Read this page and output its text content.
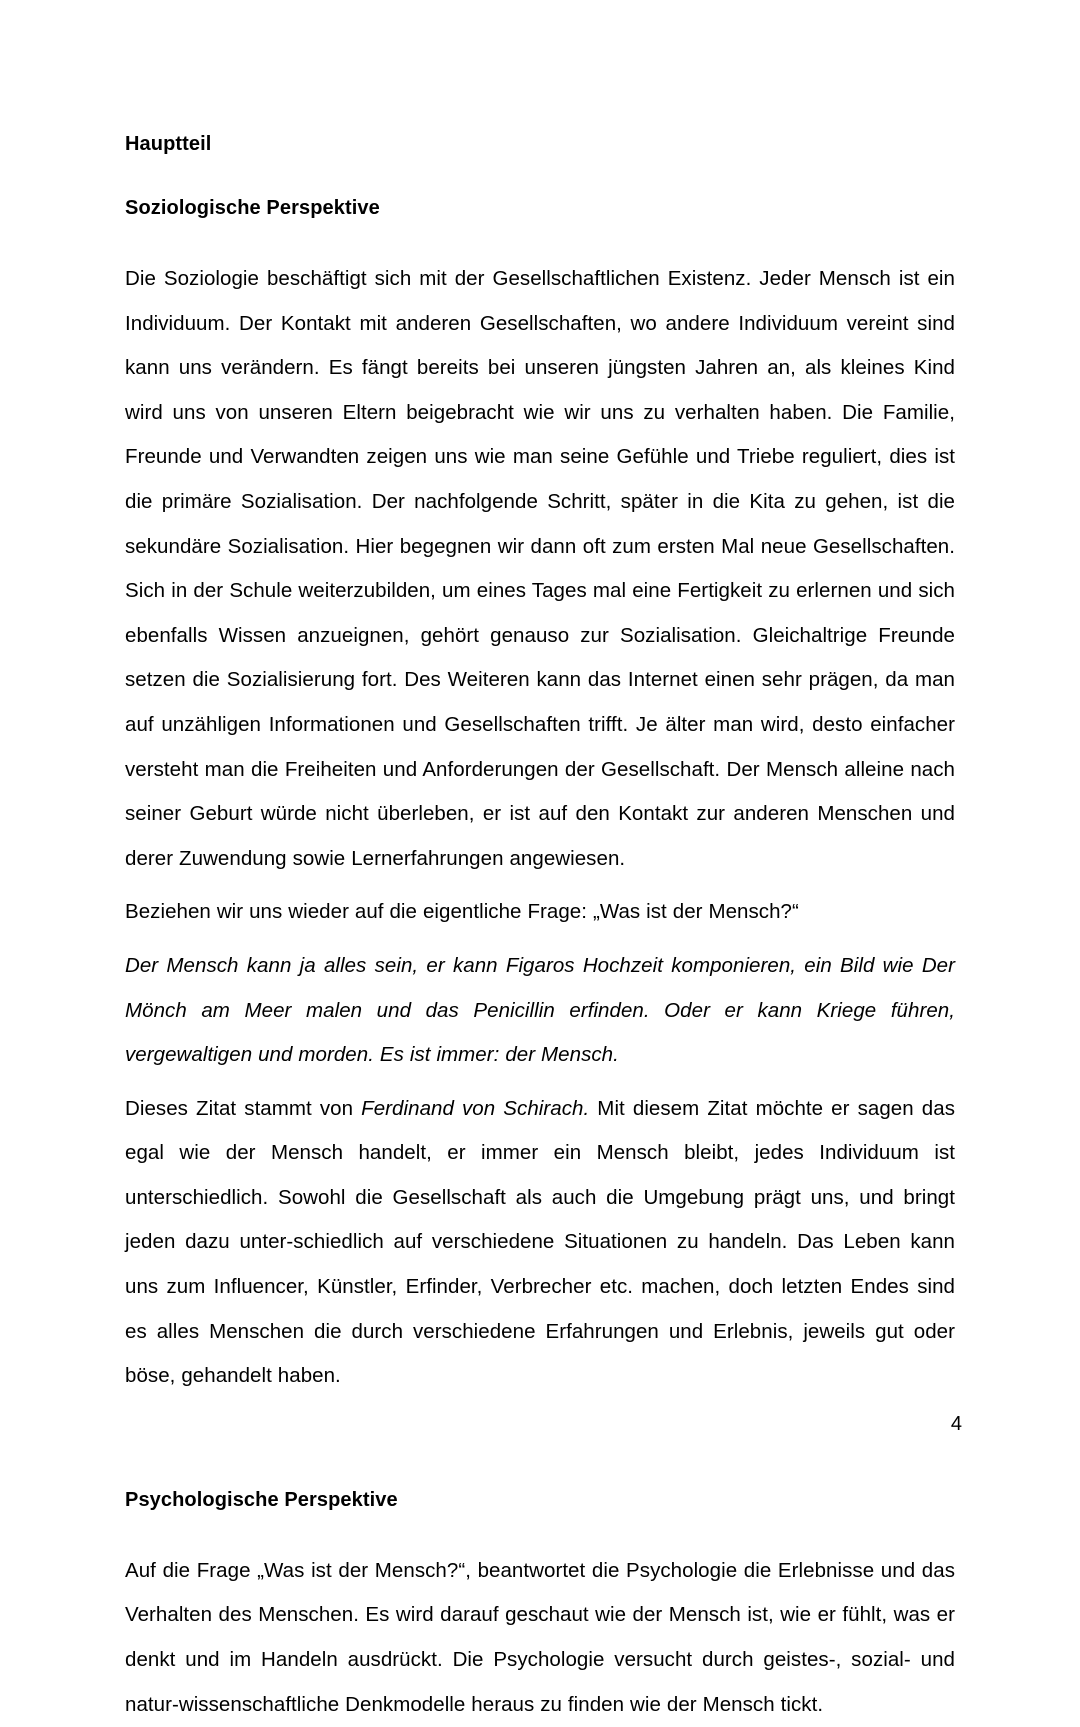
Hauptteil
Soziologische Perspektive

Die Soziologie beschäftigt sich mit der Gesellschaftlichen Existenz. Jeder Mensch ist ein Individuum. Der Kontakt mit anderen Gesellschaften, wo andere Individuum vereint sind kann uns verändern. Es fängt bereits bei unseren jüngsten Jahren an, als kleines Kind wird uns von unseren Eltern beigebracht wie wir uns zu verhalten haben. Die Familie, Freunde und Verwandten zeigen uns wie man seine Gefühle und Triebe reguliert, dies ist die primäre Sozialisation. Der nachfolgende Schritt, später in die Kita zu gehen, ist die sekundäre Sozialisation. Hier begegnen wir dann oft zum ersten Mal neue Gesellschaften. Sich in der Schule weiterzubilden, um eines Tages mal eine Fertigkeit zu erlernen und sich ebenfalls Wissen anzueignen, gehört genauso zur Sozialisation. Gleichaltrige Freunde setzen die Sozialisierung fort. Des Weiteren kann das Internet einen sehr prägen, da man auf unzähligen Informationen und Gesellschaften trifft. Je älter man wird, desto einfacher versteht man die Freiheiten und Anforderungen der Gesellschaft. Der Mensch alleine nach seiner Geburt würde nicht überleben, er ist auf den Kontakt zur anderen Menschen und derer Zuwendung sowie Lernerfahrungen angewiesen.

Beziehen wir uns wieder auf die eigentliche Frage: „Was ist der Mensch?“

Der Mensch kann ja alles sein, er kann Figaros Hochzeit komponieren, ein Bild wie Der Mönch am Meer malen und das Penicillin erfinden. Oder er kann Kriege führen, vergewaltigen und morden. Es ist immer: der Mensch.

Dieses Zitat stammt von Ferdinand von Schirach. Mit diesem Zitat möchte er sagen das egal wie der Mensch handelt, er immer ein Mensch bleibt, jedes Individuum ist unterschiedlich. Sowohl die Gesellschaft als auch die Umgebung prägt uns, und bringt jeden dazu unter-schiedlich auf verschiedene Situationen zu handeln. Das Leben kann uns zum Influencer, Künstler, Erfinder, Verbrecher etc. machen, doch letzten Endes sind es alles Menschen die durch verschiedene Erfahrungen und Erlebnis, jeweils gut oder böse, gehandelt haben.

Psychologische Perspektive

Auf die Frage „Was ist der Mensch?“, beantwortet die Psychologie die Erlebnisse und das Verhalten des Menschen. Es wird darauf geschaut wie der Mensch ist, wie er fühlt, was er denkt und im Handeln ausdrückt. Die Psychologie versucht durch geistes-, sozial- und natur-wissenschaftliche Denkmodelle heraus zu finden wie der Mensch tickt.

4
